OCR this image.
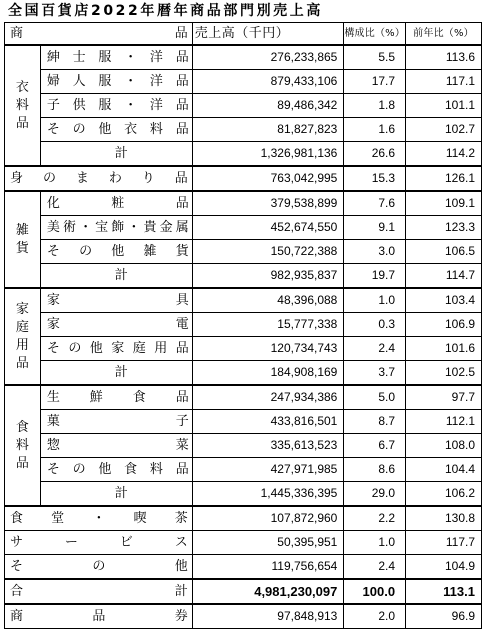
全国百貨店2022年暦年商品部門別売上高
商品		売上高（千円）	構成比（%）	前年比（%）

衣
料
品	紳士服・洋品	276,233,865	5.5	113.6
	婦人服・洋品	879,433,106	17.7	117.1
	子供服・洋品	89,486,342	1.8	101.1
	その他衣料品	81,827,823	1.6	102.7
	計	1,326,981,136	26.6	114.2
身のまわり品		763,042,995	15.3	126.1

雑
貨	化粧品	379,538,899	7.6	109.1
	美術・宝飾・貴金属	452,674,550	9.1	123.3
	その他雑貨	150,722,388	3.0	106.5
	計	982,935,837	19.7	114.7

家
庭
用
品	家具	48,396,088	1.0	103.4
	家電	15,777,338	0.3	106.9
	その他家庭用品	120,734,743	2.4	101.6
	計	184,908,169	3.7	102.5

食
料
品	生鮮食品	247,934,386	5.0	97.7
	菓子	433,816,501	8.7	112.1
	惣菜	335,613,523	6.7	108.0
	その他食料品	427,971,985	8.6	104.4
	計	1,445,336,395	29.0	106.2
食堂・喫茶		107,872,960	2.2	130.8
サービス		50,395,951	1.0	117.7
その他		119,756,654	2.4	104.9
合計		4,981,230,097	100.0	113.1
商品券		97,848,913	2.0	96.9
